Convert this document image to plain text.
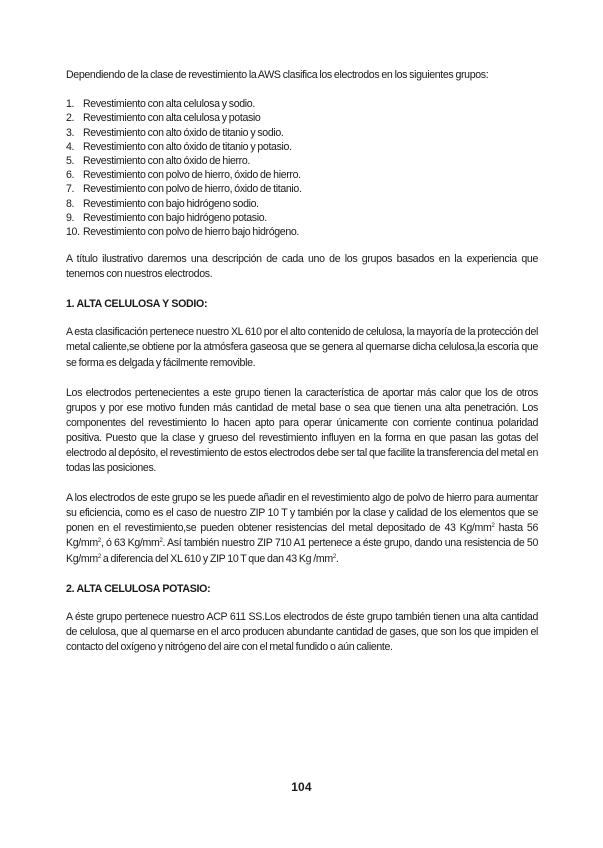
Dependiendo de la clase de revestimiento la AWS clasifica los electrodos en los siguientes grupos:

1. Revestimiento con alta celulosa y sodio.
2. Revestimiento con alta celulosa y potasio
3. Revestimiento con alto óxido de titanio y sodio.
4. Revestimiento con alto óxido de titanio y potasio.
5. Revestimiento con alto óxido de hierro.
6. Revestimiento con polvo de hierro, óxido de hierro.
7. Revestimiento con polvo de hierro, óxido de titanio.
8. Revestimiento con bajo hidrógeno sodio.
9. Revestimiento con bajo hidrógeno potasio.
10. Revestimiento con polvo de hierro bajo hidrógeno.

A título ilustrativo daremos una descripción de cada uno de los grupos basados en la experiencia que tenemos con nuestros electrodos.

1. ALTA CELULOSA Y SODIO:

A esta clasificación pertenece nuestro XL 610 por el alto contenido de celulosa, la mayoría de la protección del metal caliente,se obtiene por la atmósfera gaseosa que se genera al quemarse dicha celulosa,la escoria que se forma es delgada y fácilmente removible.

Los electrodos pertenecientes a este grupo tienen la característica de aportar más calor que los de otros grupos y por ese motivo funden más cantidad de metal base o sea que tienen una alta penetración. Los componentes del revestimiento lo hacen apto para operar únicamente con corriente continua polaridad positiva. Puesto que la clase y grueso del revestimiento influyen en la forma en que pasan las gotas del electrodo al depósito, el revestimiento de estos electrodos debe ser tal que facilite la transferencia del metal en todas las posiciones.

A los electrodos de este grupo se les puede añadir en el revestimiento algo de polvo de hierro para aumentar su eficiencia, como es el caso de nuestro ZIP 10 T y también por la clase y calidad de los elementos que se ponen en el revestimiento,se pueden obtener resistencias del metal depositado de 43 $Kg/mm^2$ hasta 56 $Kg/mm^2$, ó 63 $Kg/mm^2$. Así también nuestro ZIP 710 A1 pertenece a éste grupo, dando una resistencia de 50 $Kg/mm^2$ a diferencia del XL 610 y ZIP 10 T que dan 43 Kg $/mm^2$.

2. ALTA CELULOSA POTASIO:

A éste grupo pertenece nuestro ACP 611 SS.Los electrodos de éste grupo también tienen una alta cantidad de celulosa, que al quemarse en el arco producen abundante cantidad de gases, que son los que impiden el contacto del oxígeno y nitrógeno del aire con el metal fundido o aún caliente.

104
